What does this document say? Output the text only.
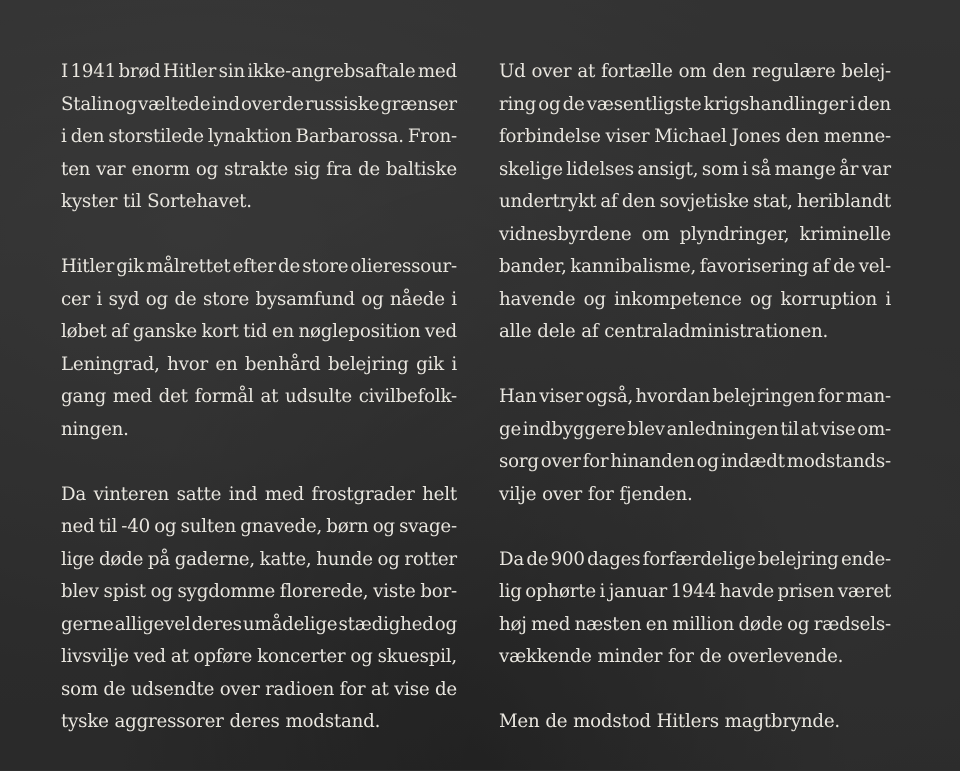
I 1941 brød Hitler sin ikke-angrebsaftale med
Stalin og væltede ind over de russiske grænser
i den storstilede lynaktion Barbarossa. Fron-
ten var enorm og strakte sig fra de baltiske
kyster til Sortehavet.
Hitler gik målrettet efter de store olieressour-
cer i syd og de store bysamfund og nåede i
løbet af ganske kort tid en nøgleposition ved
Leningrad, hvor en benhård belejring gik i
gang med det formål at udsulte civilbefolk-
ningen.
Da vinteren satte ind med frostgrader helt
ned til -40 og sulten gnavede, børn og svage-
lige døde på gaderne, katte, hunde og rotter
blev spist og sygdomme florerede, viste bor-
gerne alligevel deres umådelige stædighed og
livsvilje ved at opføre koncerter og skuespil,
som de udsendte over radioen for at vise de
tyske aggressorer deres modstand.
Ud over at fortælle om den regulære belej-
ring og de væsentligste krigshandlinger i den
forbindelse viser Michael Jones den menne-
skelige lidelses ansigt, som i så mange år var
undertrykt af den sovjetiske stat, heriblandt
vidnesbyrdene om plyndringer, kriminelle
bander, kannibalisme, favorisering af de vel-
havende og inkompetence og korruption i
alle dele af centraladministrationen.
Han viser også, hvordan belejringen for man-
ge indbyggere blev anledningen til at vise om-
sorg over for hinanden og indædt modstands-
vilje over for fjenden.
Da de 900 dages forfærdelige belejring ende-
lig ophørte i januar 1944 havde prisen været
høj med næsten en million døde og rædsels-
vækkende minder for de overlevende.
Men de modstod Hitlers magtbrynde.
